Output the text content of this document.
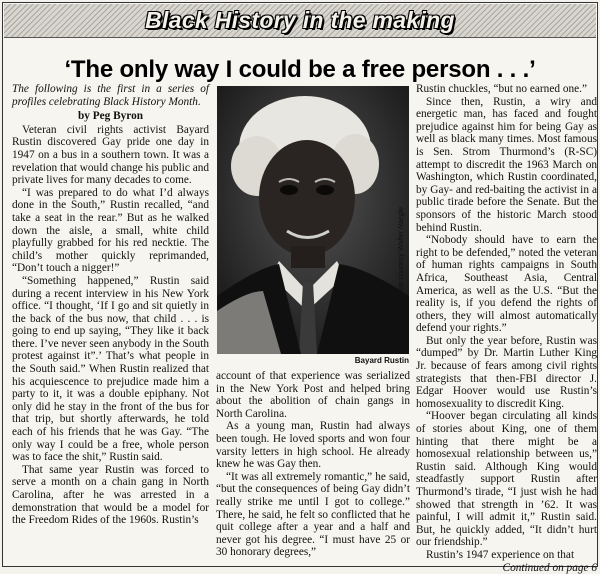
Black History in the making
‘The only way I could be a free person . . .’

The following is the first in a series of profiles celebrating Black History Month.

by Peg Byron

Veteran civil rights activist Bayard Rustin discovered Gay pride one day in 1947 on a bus in a southern town. It was a revelation that would change his public and private lives for many decades to come.

“I was prepared to do what I’d always done in the South,” Rustin recalled, “and take a seat in the rear.” But as he walked down the aisle, a small, white child playfully grabbed for his red necktie. The child’s mother quickly reprimanded, “Don’t touch a nigger!”

“Something happened,” Rustin said during a recent interview in his New York office. “I thought, ‘If I go and sit quietly in the back of the bus now, that child . . . is going to end up saying, “They like it back there. I’ve never seen anybody in the South protest against it”.’ That’s what people in the South said.” When Rustin realized that his acquiescence to prejudice made him a party to it, it was a double epiphany. Not only did he stay in the front of the bus for that trip, but shortly afterwards, he told each of his friends that he was Gay. “The only way I could be a free, whole person was to face the shit,” Rustin said.

That same year Rustin was forced to serve a month on a chain gang in North Carolina, after he was arrested in a demonstration that would be a model for the Freedom Rides of the 1960s. Rustin’s

photo courtesy Walter Naegle
Bayard Rustin

account of that experience was serialized in the New York Post and helped bring about the abolition of chain gangs in North Carolina.

As a young man, Rustin had always been tough. He loved sports and won four varsity letters in high school. He already knew he was Gay then.

“It was all extremely romantic,” he said, “but the consequences of being Gay didn’t really strike me until I got to college.” There, he said, he felt so conflicted that he quit college after a year and a half and never got his degree. “I must have 25 or 30 honorary degrees,”

Rustin chuckles, “but no earned one.”

Since then, Rustin, a wiry and energetic man, has faced and fought prejudice against him for being Gay as well as black many times. Most famous is Sen. Strom Thurmond’s (R-SC) attempt to discredit the 1963 March on Washington, which Rustin coordinated, by Gay- and red-baiting the activist in a public tirade before the Senate. But the sponsors of the historic March stood behind Rustin.

“Nobody should have to earn the right to be defended,” noted the veteran of human rights campaigns in South Africa, Southeast Asia, Central America, as well as the U.S. “But the reality is, if you defend the rights of others, they will almost automatically defend your rights.”

But only the year before, Rustin was “dumped” by Dr. Martin Luther King Jr. because of fears among civil rights strategists that then-FBI director J. Edgar Hoover would use Rustin’s homosexuality to discredit King.

“Hoover began circulating all kinds of stories about King, one of them hinting that there might be a homosexual relationship between us,” Rustin said. Although King would steadfastly support Rustin after Thurmond’s tirade, “I just wish he had showed that strength in ’62. It was painful, I will admit it,” Rustin said. But, he quickly added, “It didn’t hurt our friendship.”

Rustin’s 1947 experience on that

Continued on page 6
